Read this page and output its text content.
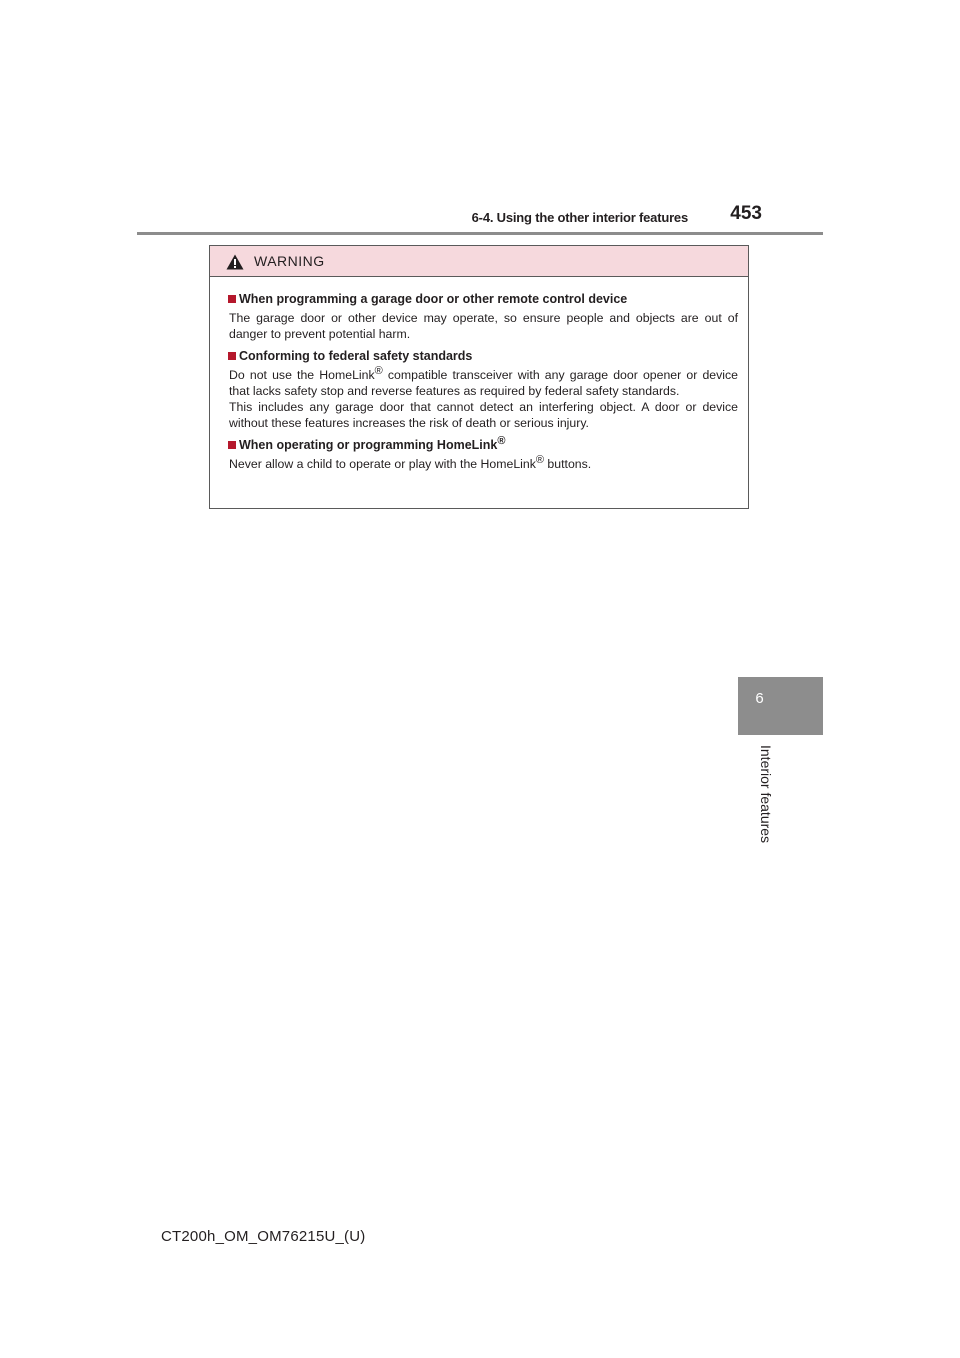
6-4. Using the other interior features	453
6
Interior features
WARNING
When programming a garage door or other remote control device
The garage door or other device may operate, so ensure people and objects are out of danger to prevent potential harm.
Conforming to federal safety standards
Do not use the HomeLink® compatible transceiver with any garage door opener or device that lacks safety stop and reverse features as required by federal safety standards.
This includes any garage door that cannot detect an interfering object. A door or device without these features increases the risk of death or serious injury.
When operating or programming HomeLink®
Never allow a child to operate or play with the HomeLink® buttons.
CT200h_OM_OM76215U_(U)
